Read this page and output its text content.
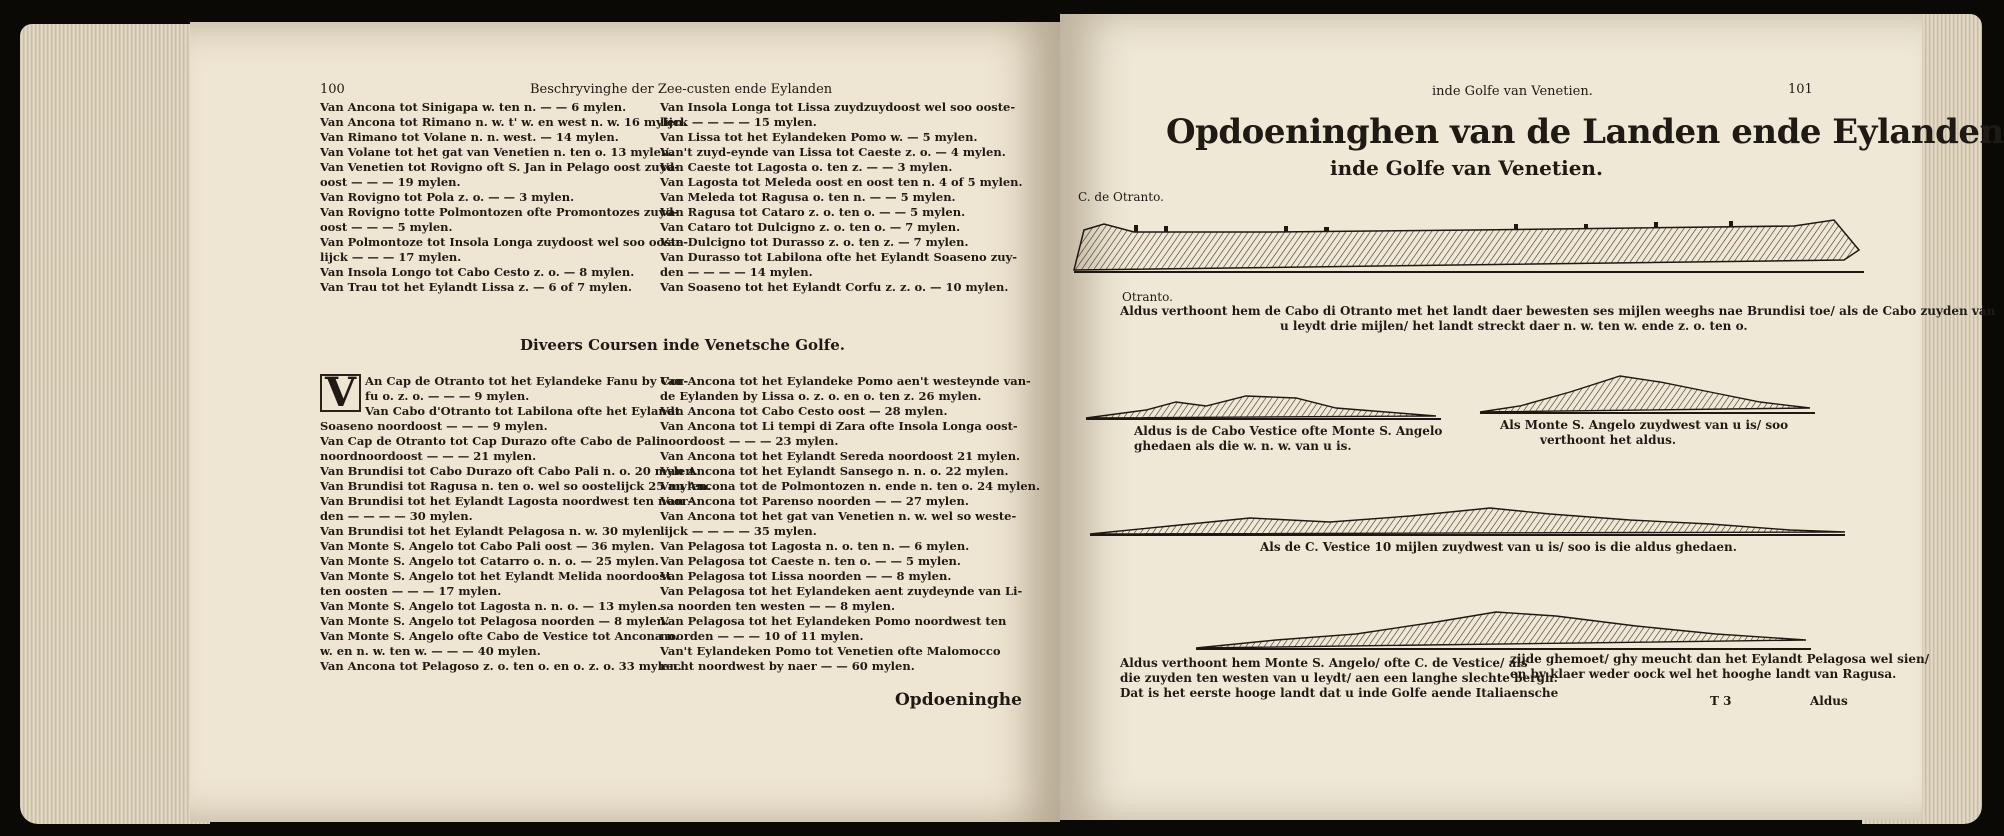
100	Beschryvinghe der Zee-custen ende Eylanden
Van Ancona tot Sinigapa w. ten n. — — 6 mylen.
Van Ancona tot Rimano n. w. t' w. en west n. w. 16 mylen.
Van Rimano tot Volane n. n. west. — 14 mylen.
Van Volane tot het gat van Venetien n. ten o. 13 mylen.
Van Venetien tot Rovigno oft S. Jan in Pelago oost zuyd-
oost — — — 19 mylen.
Van Rovigno tot Pola z. o. — — 3 mylen.
Van Rovigno totte Polmontozen ofte Promontozes zuyd-
oost — — — 5 mylen.
Van Polmontoze tot Insola Longa zuydoost wel soo ooste-
lijck — — — 17 mylen.
Van Insola Longo tot Cabo Cesto z. o. — 8 mylen.
Van Trau tot het Eylandt Lissa z. — 6 of 7 mylen.
Van Insola Longa tot Lissa zuydzuydoost wel soo ooste-
lijck — — — — 15 mylen.
Van Lissa tot het Eylandeken Pomo w. — 5 mylen.
Van't zuyd-eynde van Lissa tot Caeste z. o. — 4 mylen.
Van Caeste tot Lagosta o. ten z. — — 3 mylen.
Van Lagosta tot Meleda oost en oost ten n. 4 of 5 mylen.
Van Meleda tot Ragusa o. ten n. — — 5 mylen.
Van Ragusa tot Cataro z. o. ten o. — — 5 mylen.
Van Cataro tot Dulcigno z. o. ten o. — 7 mylen.
Van Dulcigno tot Durasso z. o. ten z. — 7 mylen.
Van Durasso tot Labilona ofte het Eylandt Soaseno zuy-
den — — — — 14 mylen.
Van Soaseno tot het Eylandt Corfu z. z. o. — 10 mylen.
Diveers Coursen inde Venetsche Golfe.
V An Cap de Otranto tot het Eylandeke Fanu by Cor-
fu o. z. o. — — — 9 mylen.
Van Cabo d'Otranto tot Labilona ofte het Eylandt
Soaseno noordoost — — — 9 mylen.
Van Cap de Otranto tot Cap Durazo ofte Cabo de Pali
noordnoordoost — — — 21 mylen.
Van Brundisi tot Cabo Durazo oft Cabo Pali n. o. 20 mylen.
Van Brundisi tot Ragusa n. ten o. wel so oostelijck 25 mylen.
Van Brundisi tot het Eylandt Lagosta noordwest ten noor-
den — — — — 30 mylen.
Van Brundisi tot het Eylandt Pelagosa n. w. 30 mylen.
Van Monte S. Angelo tot Cabo Pali oost — 36 mylen.
Van Monte S. Angelo tot Catarro o. n. o. — 25 mylen.
Van Monte S. Angelo tot het Eylandt Melida noordoost
ten oosten — — — 17 mylen.
Van Monte S. Angelo tot Lagosta n. n. o. — 13 mylen.
Van Monte S. Angelo tot Pelagosa noorden — 8 mylen.
Van Monte S. Angelo ofte Cabo de Vestice tot Ancona n.
w. en n. w. ten w. — — — 40 mylen.
Van Ancona tot Pelagoso z. o. ten o. en o. z. o. 33 mylen.
Van Ancona tot het Eylandeke Pomo aen't westeynde van-
de Eylanden by Lissa o. z. o. en o. ten z. 26 mylen.
Van Ancona tot Cabo Cesto oost — 28 mylen.
Van Ancona tot Li tempi di Zara ofte Insola Longa oost-
noordoost — — — 23 mylen.
Van Ancona tot het Eylandt Sereda noordoost 21 mylen.
Van Ancona tot het Eylandt Sansego n. n. o. 22 mylen.
Van Ancona tot de Polmontozen n. ende n. ten o. 24 mylen.
Van Ancona tot Parenso noorden — — 27 mylen.
Van Ancona tot het gat van Venetien n. w. wel so weste-
lijck — — — — 35 mylen.
Van Pelagosa tot Lagosta n. o. ten n. — 6 mylen.
Van Pelagosa tot Caeste n. ten o. — — 5 mylen.
Van Pelagosa tot Lissa noorden — — 8 mylen.
Van Pelagosa tot het Eylandeken aent zuydeynde van Li-
sa noorden ten westen — — 8 mylen.
Van Pelagosa tot het Eylandeken Pomo noordwest ten
noorden — — — 10 of 11 mylen.
Van't Eylandeken Pomo tot Venetien ofte Malomocco
recht noordwest by naer — — 60 mylen.
Opdoeninghe
inde Golfe van Venetien.	101
Opdoeninghen van de Landen ende Eylanden
inde Golfe van Venetien.
C. de Otranto.
Otranto.
Aldus verthoont hem de Cabo di Otranto met het landt daer bewesten ses mijlen weeghs nae Brundisi toe/ als de Cabo zuyden van
u leydt drie mijlen/ het landt streckt daer n. w. ten w. ende z. o. ten o.
Aldus is de Cabo Vestice ofte Monte S. Angelo
ghedaen als die w. n. w. van u is.
Als Monte S. Angelo zuydwest van u is/ soo
verthoont het aldus.
Als de C. Vestice 10 mijlen zuydwest van u is/ soo is die aldus ghedaen.
Aldus verthoont hem Monte S. Angelo/ ofte C. de Vestice/ als
die zuyden ten westen van u leydt/ aen een langhe slechte bergh.
Dat is het eerste hooge landt dat u inde Golfe aende Italiaensche
zijde ghemoet/ ghy meucht dan het Eylandt Pelagosa wel sien/
en by klaer weder oock wel het hooghe landt van Ragusa.
T 3	Aldus
